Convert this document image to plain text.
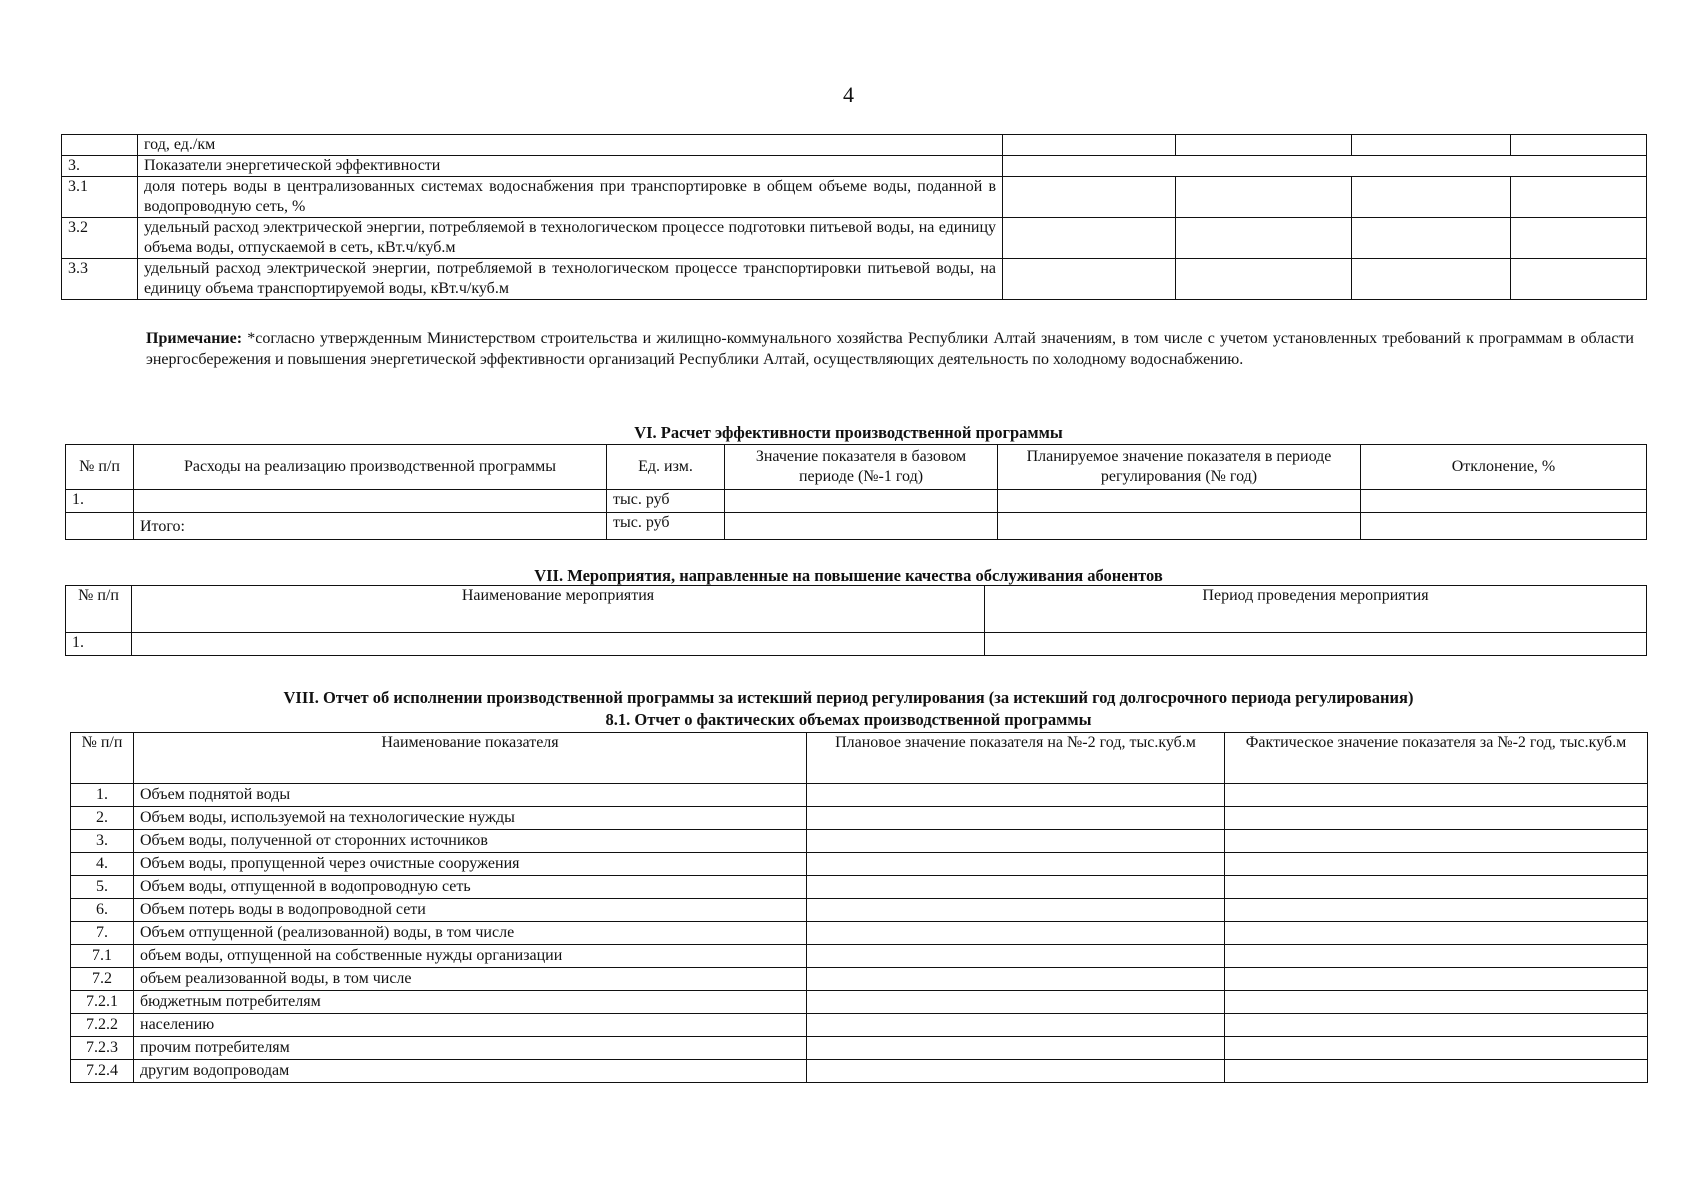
4
	год, ед./км				
3.	Показатели энергетической эффективности				
3.1	доля потерь воды в централизованных системах водоснабжения при транспортировке в общем объеме воды, поданной в водопроводную сеть, %				
3.2	удельный расход электрической энергии, потребляемой в технологическом процессе подготовки питьевой воды, на единицу объема воды, отпускаемой в сеть, кВт.ч/куб.м				
3.3	удельный расход электрической энергии, потребляемой в технологическом процессе транспортировки питьевой воды, на единицу объема транспортируемой воды, кВт.ч/куб.м				
Примечание: *согласно утвержденным Министерством строительства и жилищно-коммунального хозяйства Республики Алтай значениям, в том числе с учетом установленных требований к программам в области энергосбережения и повышения энергетической эффективности организаций Республики Алтай, осуществляющих деятельность по холодному водоснабжению.
VI. Расчет эффективности производственной программы
№ п/п	Расходы на реализацию производственной программы	Ед. изм.	Значение показателя в базовом периоде (№-1 год)	Планируемое значение показателя в периоде регулирования (№ год)	Отклонение, %
1.		тыс. руб			
	Итого:	тыс. руб			
VII. Мероприятия, направленные на повышение качества обслуживания абонентов
№ п/п	Наименование мероприятия	Период проведения мероприятия
1.		
VIII. Отчет об исполнении производственной программы за истекший период регулирования (за истекший год долгосрочного периода регулирования)
8.1. Отчет о фактических объемах производственной программы
№ п/п	Наименование показателя	Плановое значение показателя на №-2 год, тыс.куб.м	Фактическое значение показателя за №-2 год, тыс.куб.м
1.	Объем поднятой воды		
2.	Объем воды, используемой на технологические нужды		
3.	Объем воды, полученной от сторонних источников		
4.	Объем воды, пропущенной через очистные сооружения		
5.	Объем воды, отпущенной в водопроводную сеть		
6.	Объем потерь воды в водопроводной сети		
7.	Объем отпущенной (реализованной) воды, в том числе		
7.1	объем воды, отпущенной на собственные нужды организации		
7.2	объем реализованной воды, в том числе		
7.2.1	бюджетным потребителям		
7.2.2	населению		
7.2.3	прочим потребителям		
7.2.4	другим водопроводам		
